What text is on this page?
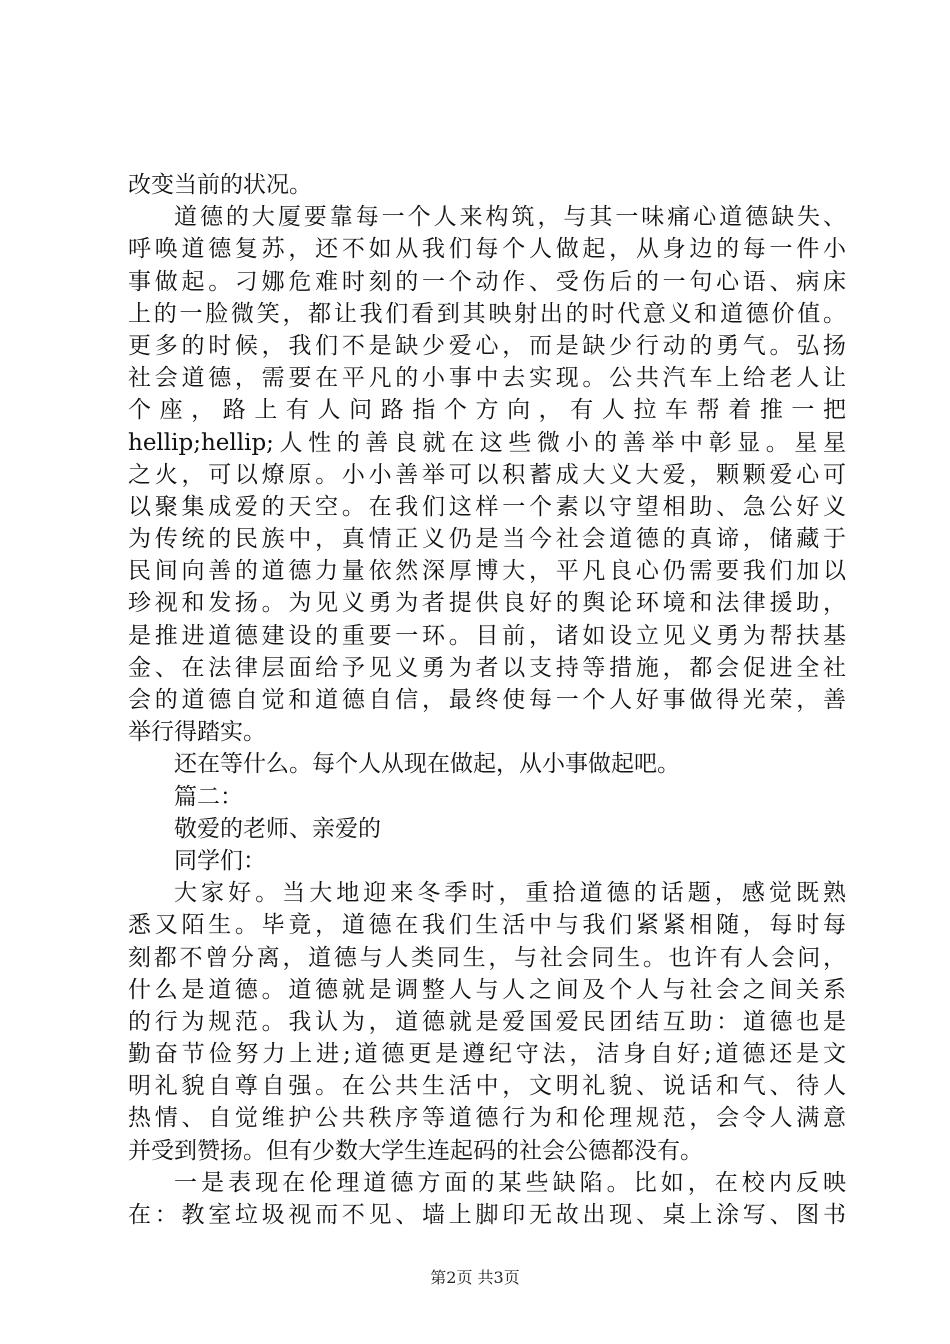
改变当前的状况。
道德的大厦要靠每一个人来构筑，与其一味痛心道德缺失、
呼唤道德复苏，还不如从我们每个人做起，从身边的每一件小
事做起。刁娜危难时刻的一个动作、受伤后的一句心语、病床
上的一脸微笑，都让我们看到其映射出的时代意义和道德价值。
更多的时候，我们不是缺少爱心，而是缺少行动的勇气。弘扬
社会道德，需要在平凡的小事中去实现。公共汽车上给老人让
个座，路上有人问路指个方向，有人拉车帮着推一把
hellip;hellip;人性的善良就在这些微小的善举中彰显。星星
之火，可以燎原。小小善举可以积蓄成大义大爱，颗颗爱心可
以聚集成爱的天空。在我们这样一个素以守望相助、急公好义
为传统的民族中，真情正义仍是当今社会道德的真谛，储藏于
民间向善的道德力量依然深厚博大，平凡良心仍需要我们加以
珍视和发扬。为见义勇为者提供良好的舆论环境和法律援助，
是推进道德建设的重要一环。目前，诸如设立见义勇为帮扶基
金、在法律层面给予见义勇为者以支持等措施，都会促进全社
会的道德自觉和道德自信，最终使每一个人好事做得光荣，善
举行得踏实。
还在等什么。每个人从现在做起，从小事做起吧。
篇二：
敬爱的老师、亲爱的
同学们：
大家好。当大地迎来冬季时，重拾道德的话题，感觉既熟
悉又陌生。毕竟，道德在我们生活中与我们紧紧相随，每时每
刻都不曾分离，道德与人类同生，与社会同生。也许有人会问，
什么是道德。道德就是调整人与人之间及个人与社会之间关系
的行为规范。我认为，道德就是爱国爱民团结互助：道德也是
勤奋节俭努力上进;道德更是遵纪守法，洁身自好;道德还是文
明礼貌自尊自强。在公共生活中，文明礼貌、说话和气、待人
热情、自觉维护公共秩序等道德行为和伦理规范，会令人满意
并受到赞扬。但有少数大学生连起码的社会公德都没有。
一是表现在伦理道德方面的某些缺陷。比如，在校内反映
在：教室垃圾视而不见、墙上脚印无故出现、桌上涂写、图书
第2页 共3页
